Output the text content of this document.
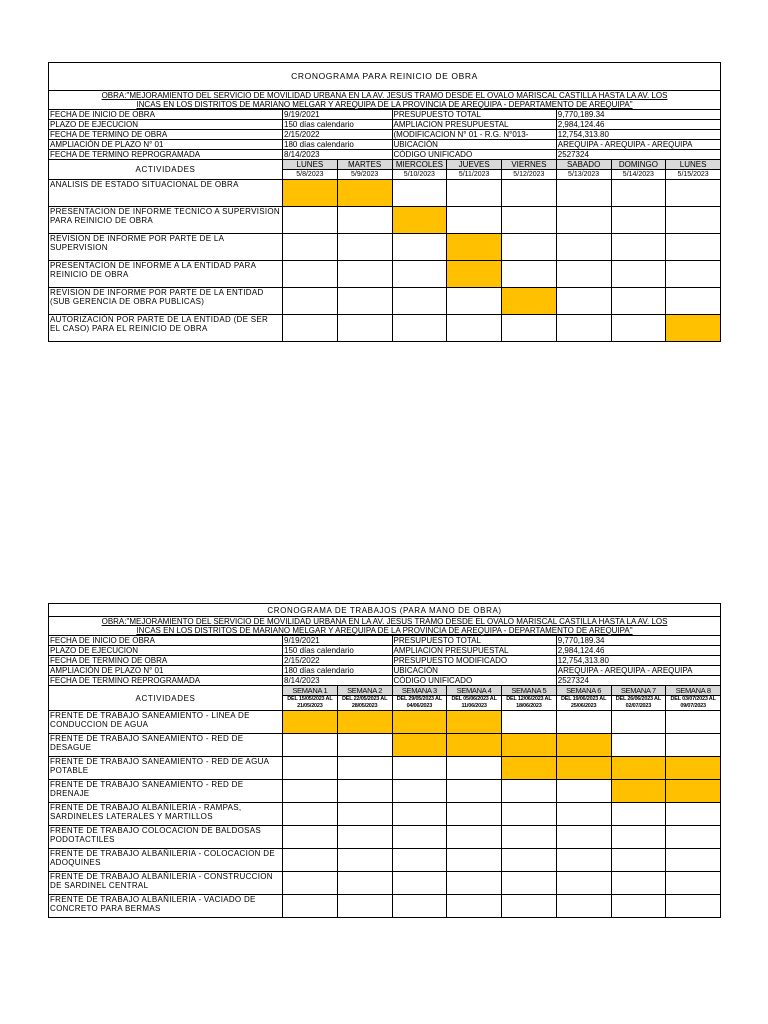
CRONOGRAMA PARA REINICIO DE OBRA								
OBRA:"MEJORAMIENTO DEL SERVICIO DE MOVILIDAD URBANA EN LA AV. JESUS TRAMO DESDE EL OVALO MARISCAL CASTILLA HASTA LA AV. LOS
INCAS EN LOS DISTRITOS DE MARIANO MELGAR Y AREQUIPA DE LA PROVINCIA DE AREQUIPA - DEPARTAMENTO DE AREQUIPA"								
FECHA DE INICIO DE OBRA	9/19/2021		PRESUPUESTO TOTAL			9,770,189.34		
PLAZO DE EJECUCION	150 días calendario		AMPLIACION PRESUPUESTAL			2,984,124.46		
FECHA DE TERMINO DE OBRA	2/15/2022		(MODIFICACION N° 01 - R.G. N°013-			12,754,313.80		
AMPLIACIÓN DE PLAZO N° 01	180 días calendario		UBICACIÓN			AREQUIPA - AREQUIPA - AREQUIPA		
FECHA DE TERMINO REPROGRAMADA	8/14/2023		CÓDIGO UNIFICADO			2527324		
ACTIVIDADES	LUNES	MARTES	MIERCOLES	JUEVES	VIERNES	SABADO	DOMINGO	LUNES
	5/8/2023	5/9/2023	5/10/2023	5/11/2023	5/12/2023	5/13/2023	5/14/2023	5/15/2023
ANALISIS DE ESTADO SITUACIONAL DE OBRA								
PRESENTACION DE INFORME TECNICO A SUPERVISION PARA REINICIO DE OBRA								
REVISION DE INFORME POR PARTE DE LA SUPERVISION								
PRESENTACION DE INFORME A LA ENTIDAD PARA REINICIO DE OBRA								
REVISION DE INFORME POR PARTE DE LA ENTIDAD (SUB GERENCIA DE OBRA PUBLICAS)								
AUTORIZACIÓN POR PARTE DE LA ENTIDAD (DE SER EL CASO) PARA EL REINICIO DE OBRA								
CRONOGRAMA DE TRABAJOS (PARA MANO DE OBRA)								
OBRA:"MEJORAMIENTO DEL SERVICIO DE MOVILIDAD URBANA EN LA AV. JESUS TRAMO DESDE EL OVALO MARISCAL CASTILLA HASTA LA AV. LOS
INCAS EN LOS DISTRITOS DE MARIANO MELGAR Y AREQUIPA DE LA PROVINCIA DE AREQUIPA - DEPARTAMENTO DE AREQUIPA"								
FECHA DE INICIO DE OBRA	9/19/2021		PRESUPUESTO TOTAL			9,770,189.34		
PLAZO DE EJECUCION	150 días calendario		AMPLIACION PRESUPUESTAL			2,984,124.46		
FECHA DE TERMINO DE OBRA	2/15/2022		PRESUPUESTO MODIFICADO			12,754,313.80		
AMPLIACIÓN DE PLAZO N° 01	180 días calendario		UBICACIÓN			AREQUIPA - AREQUIPA - AREQUIPA		
FECHA DE TERMINO REPROGRAMADA	8/14/2023		CÓDIGO UNIFICADO			2527324		
ACTIVIDADES	SEMANA 1	SEMANA 2	SEMANA 3	SEMANA 4	SEMANA 5	SEMANA 6	SEMANA 7	SEMANA 8
	DEL 15/05/2023 AL 21/05/2023	DEL 22/05/2023 AL 28/05/2023	DEL 29/05/2023 AL 04/06/2023	DEL 05/06/2023 AL 11/06/2023	DEL 12/06/2023 AL 18/06/2023	DEL 19/06/2023 AL 25/06/2023	DEL 26/06/2023 AL 02/07/2023	DEL 03/07/2023 AL 09/07/2023
FRENTE DE TRABAJO SANEAMIENTO - LINEA DE CONDUCCION DE AGUA								
FRENTE DE TRABAJO SANEAMIENTO - RED DE DESAGUE								
FRENTE DE TRABAJO SANEAMIENTO - RED DE AGUA POTABLE								
FRENTE DE TRABAJO SANEAMIENTO - RED DE DRENAJE								
FRENTE DE TRABAJO ALBAÑILERIA - RAMPAS, SARDINELES LATERALES Y MARTILLOS								
FRENTE DE TRABAJO COLOCACION DE BALDOSAS PODOTACTILES								
FRENTE DE TRABAJO ALBAÑILERIA - COLOCACION DE ADOQUINES								
FRENTE DE TRABAJO ALBAÑILERIA - CONSTRUCCION DE SARDINEL CENTRAL								
FRENTE DE TRABAJO ALBAÑILERIA - VACIADO DE CONCRETO PARA BERMAS								
